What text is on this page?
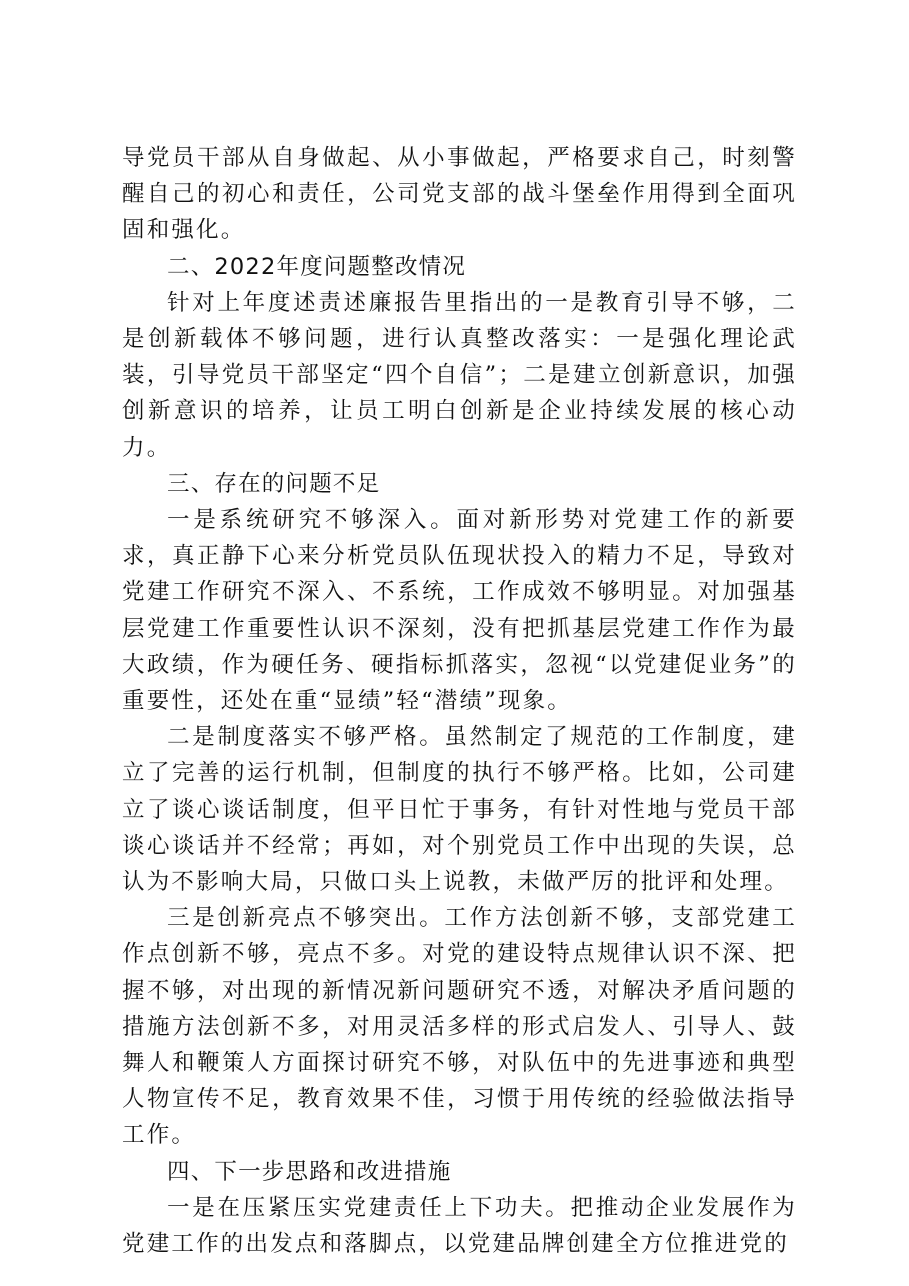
导党员干部从自身做起、从小事做起，严格要求自己，时刻警醒自己的初心和责任，公司党支部的战斗堡垒作用得到全面巩固和强化。

二、2022年度问题整改情况

针对上年度述责述廉报告里指出的一是教育引导不够，二是创新载体不够问题，进行认真整改落实：一是强化理论武装，引导党员干部坚定“四个自信”；二是建立创新意识，加强创新意识的培养，让员工明白创新是企业持续发展的核心动力。

三、存在的问题不足

一是系统研究不够深入。面对新形势对党建工作的新要求，真正静下心来分析党员队伍现状投入的精力不足，导致对党建工作研究不深入、不系统，工作成效不够明显。对加强基层党建工作重要性认识不深刻，没有把抓基层党建工作作为最大政绩，作为硬任务、硬指标抓落实，忽视“以党建促业务”的重要性，还处在重“显绩”轻“潜绩”现象。

二是制度落实不够严格。虽然制定了规范的工作制度，建立了完善的运行机制，但制度的执行不够严格。比如，公司建立了谈心谈话制度，但平日忙于事务，有针对性地与党员干部谈心谈话并不经常；再如，对个别党员工作中出现的失误，总认为不影响大局，只做口头上说教，未做严厉的批评和处理。

三是创新亮点不够突出。工作方法创新不够，支部党建工作点创新不够，亮点不多。对党的建设特点规律认识不深、把握不够，对出现的新情况新问题研究不透，对解决矛盾问题的措施方法创新不多，对用灵活多样的形式启发人、引导人、鼓舞人和鞭策人方面探讨研究不够，对队伍中的先进事迹和典型人物宣传不足，教育效果不佳，习惯于用传统的经验做法指导工作。

四、下一步思路和改进措施

一是在压紧压实党建责任上下功夫。把推动企业发展作为党建工作的出发点和落脚点，以党建品牌创建全方位推进党的
